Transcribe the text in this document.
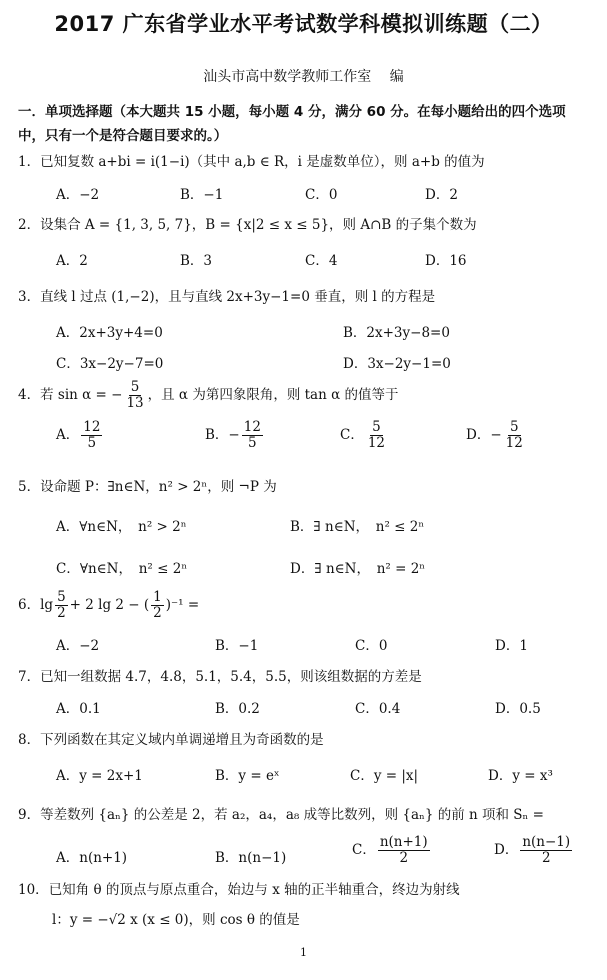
2017 广东省学业水平考试数学科模拟训练题（二）
汕头市高中数学教师工作室　 编
一．单项选择题（本大题共 15 小题，每小题 4 分，满分 60 分。在每小题给出的四个选项
中，只有一个是符合题目要求的。）
1．已知复数 a+bi = i(1−i)（其中 a,b ∈ R，i 是虚数单位），则 a+b 的值为
A．−2	B．−1	C．0	D．2
2．设集合 A = {1, 3, 5, 7}，B = {x|2 ≤ x ≤ 5}，则 A∩B 的子集个数为
A．2	B．3	C．4	D．16
3．直线 l 过点 (1,−2)，且与直线 2x+3y−1=0 垂直，则 l 的方程是
A．2x+3y+4=0	B．2x+3y−8=0
C．3x−2y−7=0	D．3x−2y−1=0
4．若 sin α = − $\frac{5}{13}$ ，且 α 为第四象限角，则 tan α 的值等于
A． $\frac{12}{5}$	B．− $\frac{12}{5}$	C． $\frac{5}{12}$	D．− $\frac{5}{12}$
5．设命题 P：∃n∈N，n² > 2ⁿ，则 ¬P 为
A．∀n∈N，　n² > 2ⁿ	B．∃ n∈N，　n² ≤ 2ⁿ
C．∀n∈N，　n² ≤ 2ⁿ	D．∃ n∈N，　n² = 2ⁿ
6．$\lg \frac{5}{2} + 2$ lg 2 − ( $\frac{1}{2} )^{-1}$ =
A．−2	B．−1	C．0	D．1
7．已知一组数据 4.7，4.8，5.1，5.4，5.5，则该组数据的方差是
A．0.1	B．0.2	C．0.4	D．0.5
8．下列函数在其定义域内单调递增且为奇函数的是
A．y = 2x+1	B．y = eˣ	C．y = |x|	D．y = x³
9．等差数列 {aₙ} 的公差是 2，若 a₂，a₄，a₈ 成等比数列，则 {aₙ} 的前 n 项和 Sₙ =
A．n(n+1)	B．n(n−1)
C． $\frac{n(n+1)}{2}$	D． $\frac{n(n-1)}{2}$
10．已知角 θ 的顶点与原点重合，始边与 x 轴的正半轴重合，终边为射线
l：y = −√2 x (x ≤ 0)，则 cos θ 的值是
1
